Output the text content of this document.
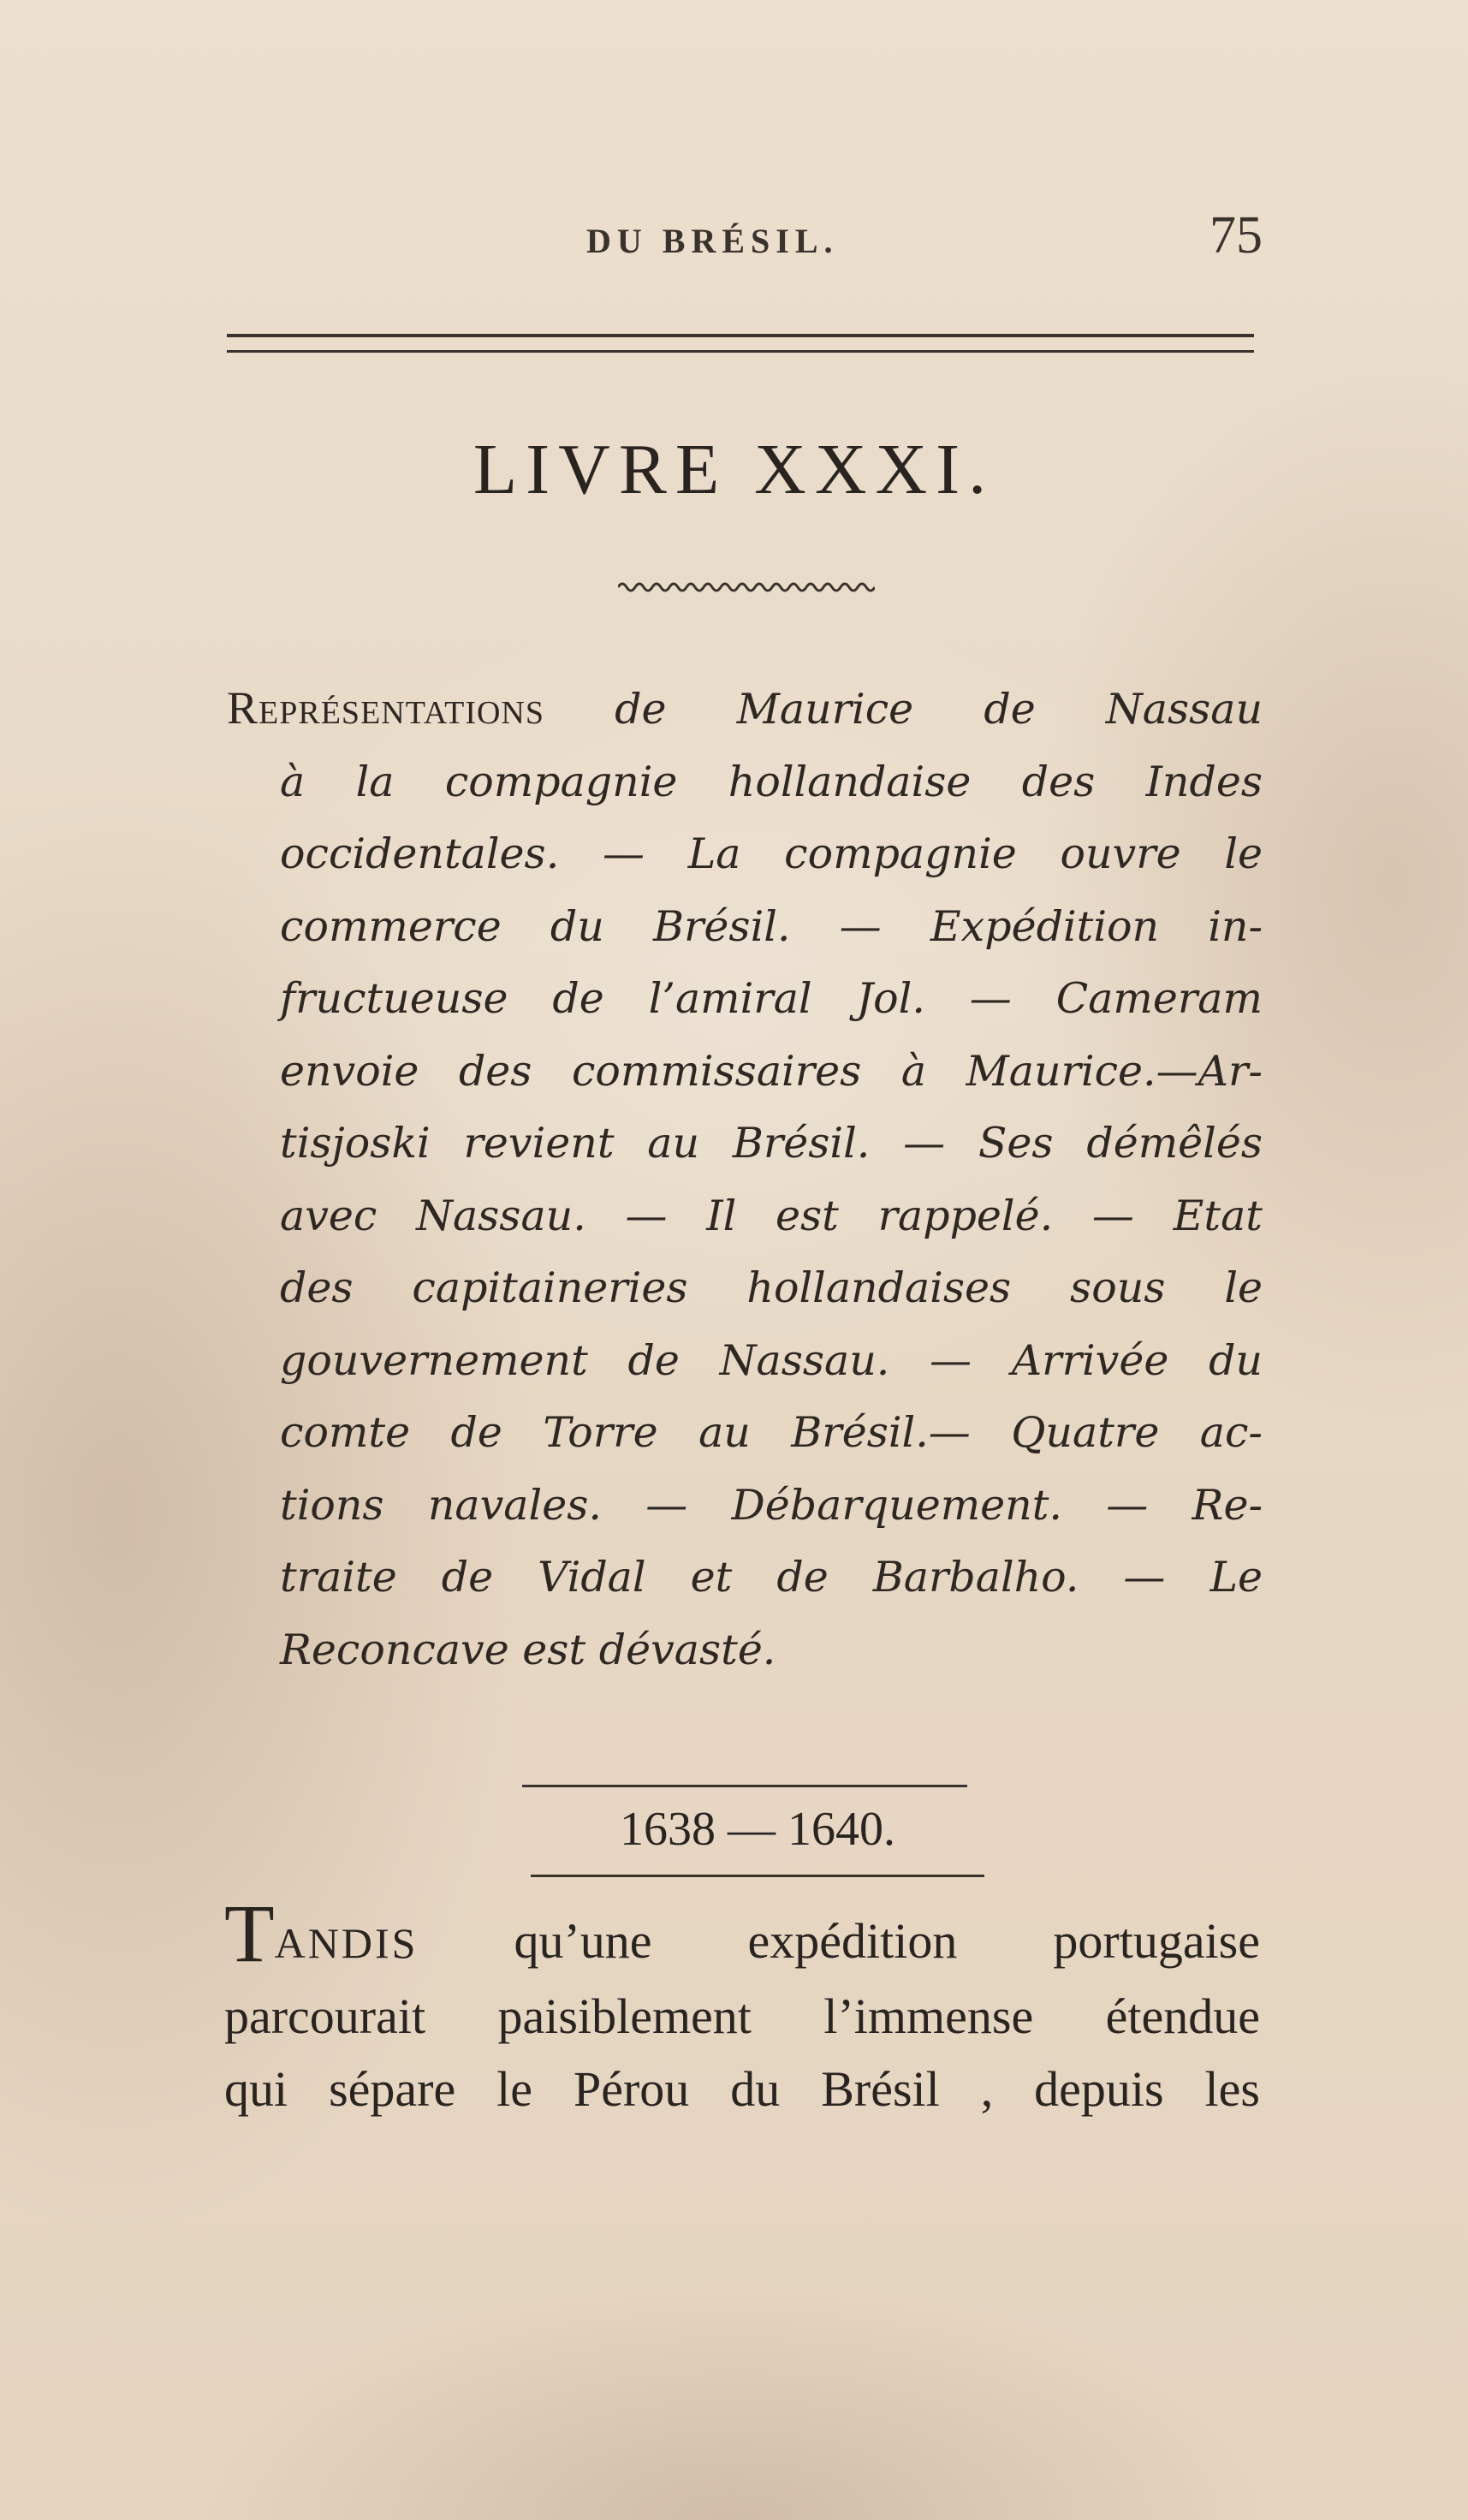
DU BRÉSIL.	75
LIVRE XXXI.

Représentations de Maurice de Nassau
à la compagnie hollandaise des Indes
occidentales. — La compagnie ouvre le
commerce du Brésil. — Expédition in-
fructueuse de l’amiral Jol. — Cameram
envoie des commissaires à Maurice.—Ar-
tisjoski revient au Brésil. — Ses démêlés
avec Nassau. — Il est rappelé. — Etat
des capitaineries hollandaises sous le
gouvernement de Nassau. — Arrivée du
comte de Torre au Brésil.— Quatre ac-
tions navales. — Débarquement. — Re-
traite de Vidal et de Barbalho. — Le
Reconcave est dévasté.

1638 — 1640.

TANDIS qu’une expédition portugaise
parcourait paisiblement l’immense étendue
qui sépare le Pérou du Brésil , depuis les
